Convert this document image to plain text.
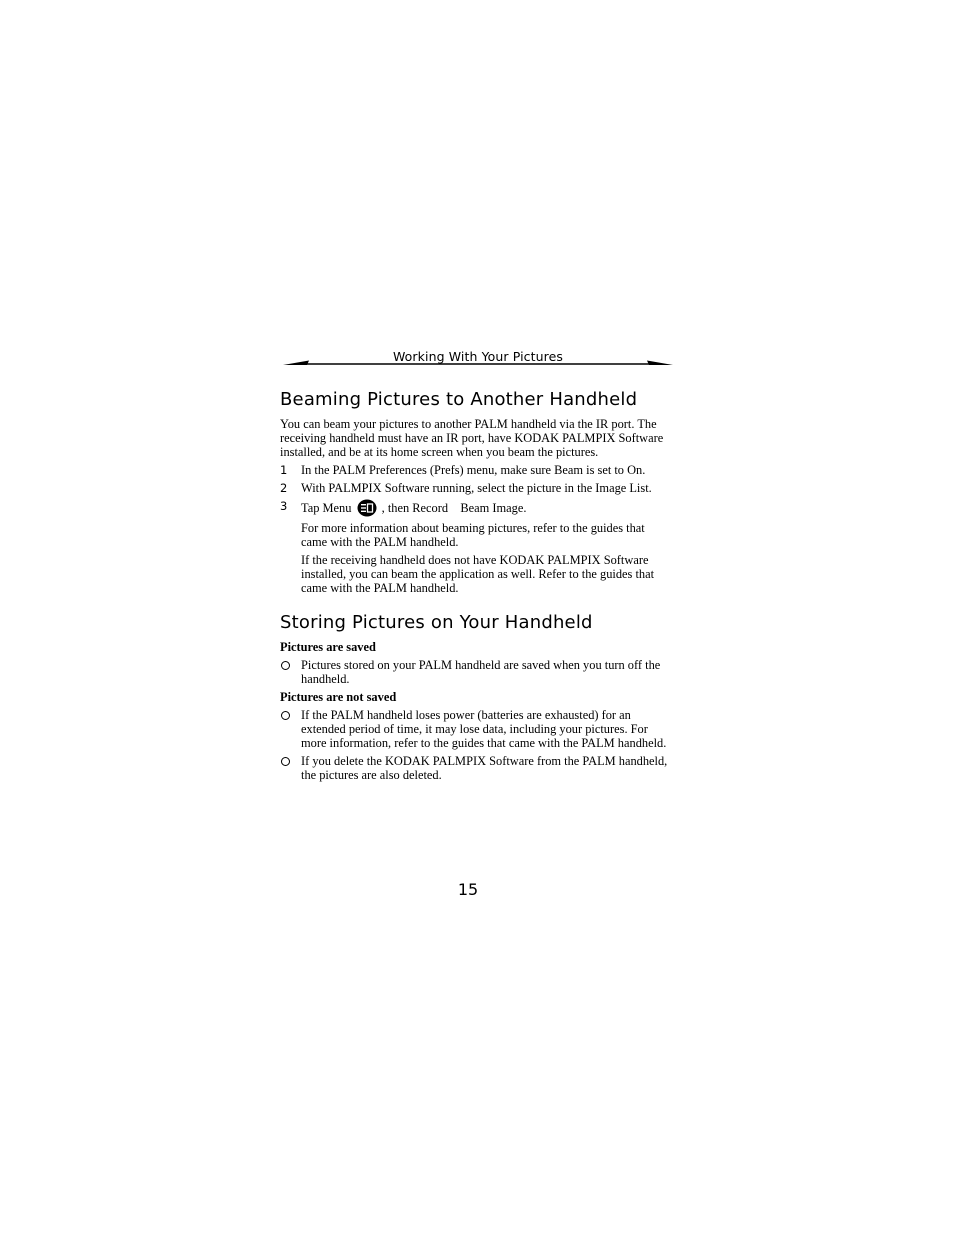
Working With Your Pictures
Beaming Pictures to Another Handheld

You can beam your pictures to another PALM handheld via the IR port. The receiving handheld must have an IR port, have KODAK PALMPIX Software installed, and be at its home screen when you beam the pictures.

1 In the PALM Preferences (Prefs) menu, make sure Beam is set to On.
2 With PALMPIX Software running, select the picture in the Image List.
3 Tap Menu , then Record    Beam Image.

For more information about beaming pictures, refer to the guides that came with the PALM handheld.

If the receiving handheld does not have KODAK PALMPIX Software installed, you can beam the application as well. Refer to the guides that came with the PALM handheld.

Storing Pictures on Your Handheld
Pictures are saved
Pictures stored on your PALM handheld are saved when you turn off the handheld.
Pictures are not saved
If the PALM handheld loses power (batteries are exhausted) for an extended period of time, it may lose data, including your pictures. For more information, refer to the guides that came with the PALM handheld.
If you delete the KODAK PALMPIX Software from the PALM handheld, the pictures are also deleted.
15
